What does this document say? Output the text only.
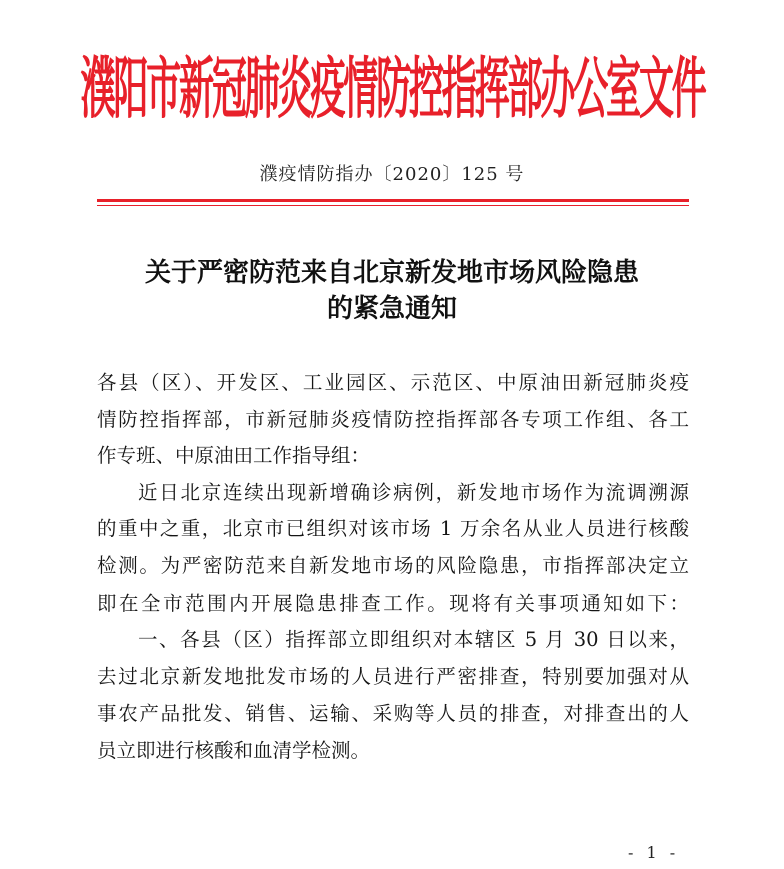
濮阳市新冠肺炎疫情防控指挥部办公室文件
濮疫情防指办〔2020〕125 号
关于严密防范来自北京新发地市场风险隐患
的紧急通知
各县（区）、开发区、工业园区、示范区、中原油田新冠肺炎疫
情防控指挥部，市新冠肺炎疫情防控指挥部各专项工作组、各工
作专班、中原油田工作指导组：
近日北京连续出现新增确诊病例，新发地市场作为流调溯源
的重中之重，北京市已组织对该市场 1 万余名从业人员进行核酸
检测。为严密防范来自新发地市场的风险隐患，市指挥部决定立
即在全市范围内开展隐患排查工作。现将有关事项通知如下：
一、各县（区）指挥部立即组织对本辖区 5 月 30 日以来，
去过北京新发地批发市场的人员进行严密排查，特别要加强对从
事农产品批发、销售、运输、采购等人员的排查，对排查出的人
员立即进行核酸和血清学检测。
- 1 -
